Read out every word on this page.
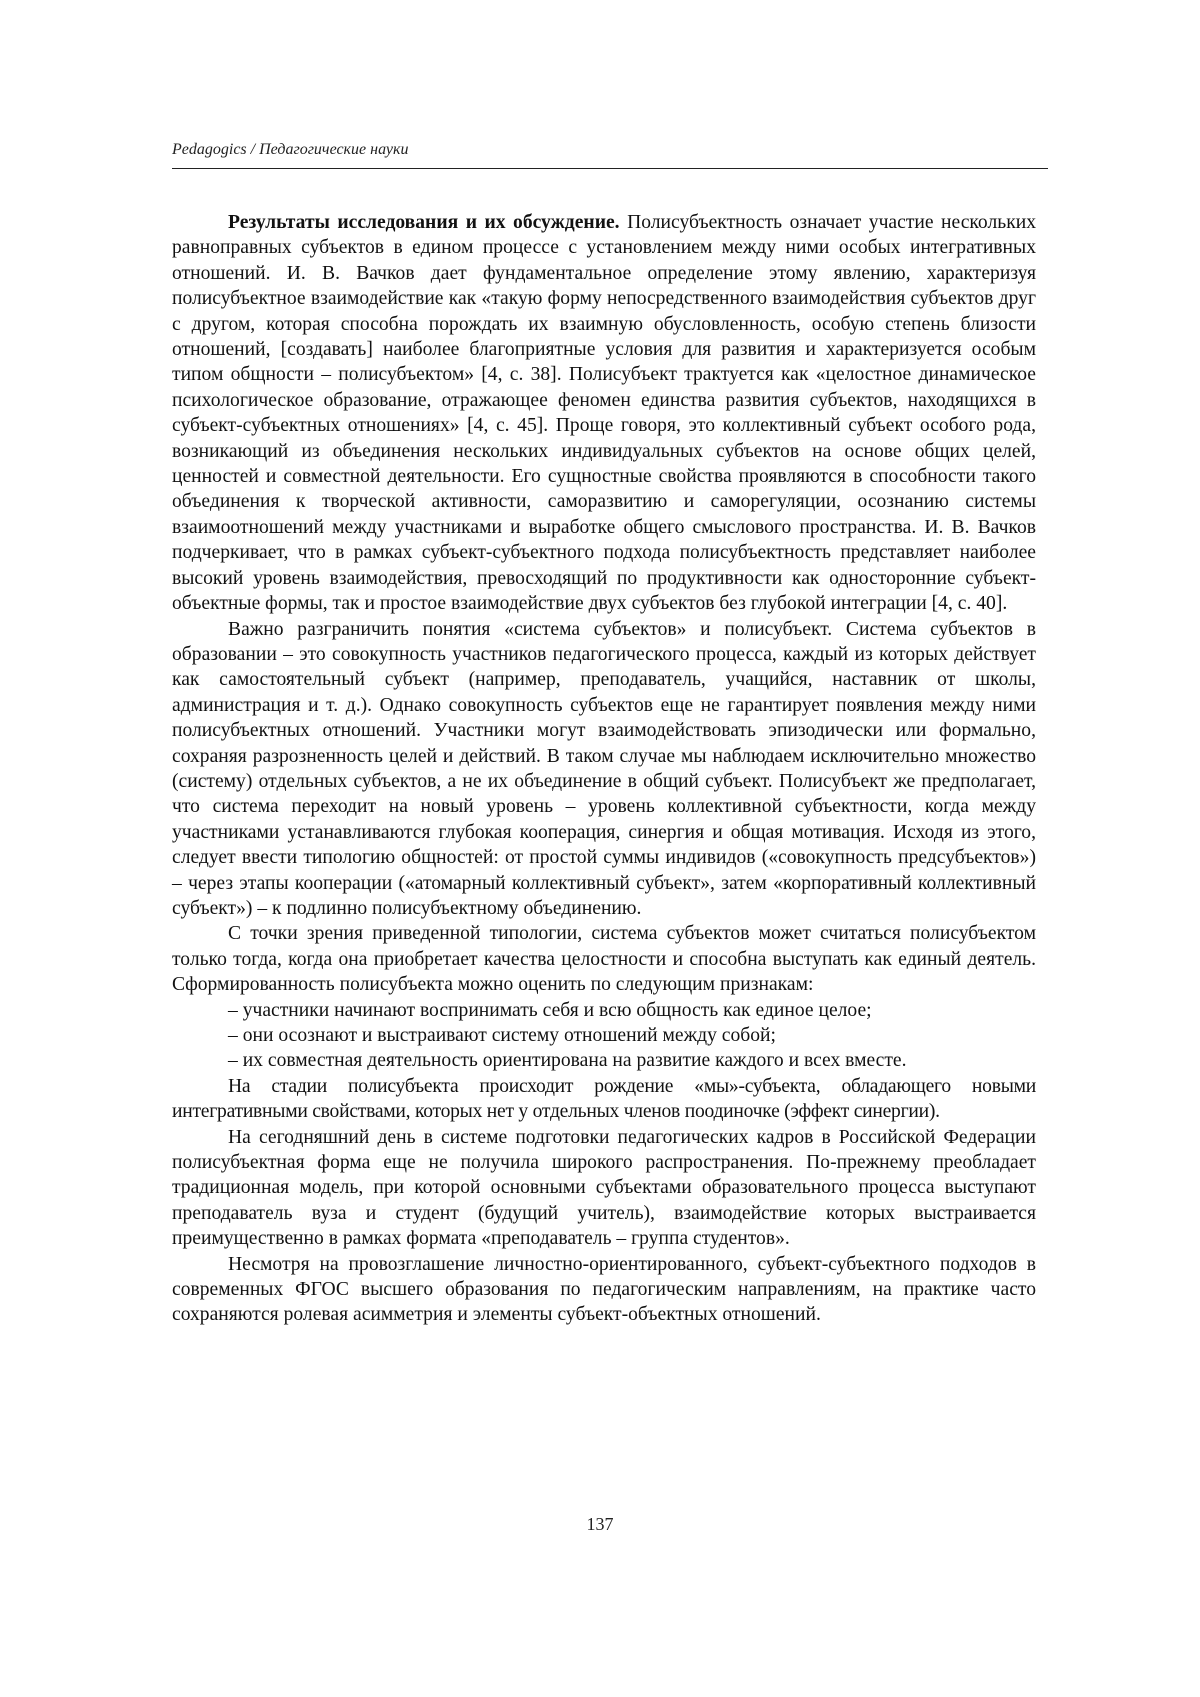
Pedagogics / Педагогические науки

Результаты исследования и их обсуждение. Полисубъектность означает участие нескольких равноправных субъектов в едином процессе с установлением между ними особых интегративных отношений. И. В. Вачков дает фундаментальное определение этому явлению, характеризуя полисубъектное взаимодействие как «такую форму непосредственного взаимодействия субъектов друг с другом, которая способна порождать их взаимную обусловленность, особую степень близости отношений, [создавать] наиболее благоприятные условия для развития и характеризуется особым типом общности – полисубъектом» [4, с. 38]. Полисубъект трактуется как «целостное динамическое психологическое образование, отражающее феномен единства развития субъектов, находящихся в субъект-субъектных отношениях» [4, с. 45]. Проще говоря, это коллективный субъект особого рода, возникающий из объединения нескольких индивидуальных субъектов на основе общих целей, ценностей и совместной деятельности. Его сущностные свойства проявляются в способности такого объединения к творческой активности, саморазвитию и саморегуляции, осознанию системы взаимоотношений между участниками и выработке общего смыслового пространства. И. В. Вачков подчеркивает, что в рамках субъект-субъектного подхода полисубъектность представляет наиболее высокий уровень взаимодействия, превосходящий по продуктивности как односторонние субъект-объектные формы, так и простое взаимодействие двух субъектов без глубокой интеграции [4, с. 40].

Важно разграничить понятия «система субъектов» и полисубъект. Система субъектов в образовании – это совокупность участников педагогического процесса, каждый из которых действует как самостоятельный субъект (например, преподаватель, учащийся, наставник от школы, администрация и т. д.). Однако совокупность субъектов еще не гарантирует появления между ними полисубъектных отношений. Участники могут взаимодействовать эпизодически или формально, сохраняя разрозненность целей и действий. В таком случае мы наблюдаем исключительно множество (систему) отдельных субъектов, а не их объединение в общий субъект. Полисубъект же предполагает, что система переходит на новый уровень – уровень коллективной субъектности, когда между участниками устанавливаются глубокая кооперация, синергия и общая мотивация. Исходя из этого, следует ввести типологию общностей: от простой суммы индивидов («совокупность предсубъектов») – через этапы кооперации («атомарный коллективный субъект», затем «корпоративный коллективный субъект») – к подлинно полисубъектному объединению.

С точки зрения приведенной типологии, система субъектов может считаться полисубъектом только тогда, когда она приобретает качества целостности и способна выступать как единый деятель. Сформированность полисубъекта можно оценить по следующим признакам:

– участники начинают воспринимать себя и всю общность как единое целое;

– они осознают и выстраивают систему отношений между собой;

– их совместная деятельность ориентирована на развитие каждого и всех вместе.

На стадии полисубъекта происходит рождение «мы»-субъекта, обладающего новыми интегративными свойствами, которых нет у отдельных членов поодиночке (эффект синергии).

На сегодняшний день в системе подготовки педагогических кадров в Российской Федерации полисубъектная форма еще не получила широкого распространения. По-прежнему преобладает традиционная модель, при которой основными субъектами образовательного процесса выступают преподаватель вуза и студент (будущий учитель), взаимодействие которых выстраивается преимущественно в рамках формата «преподаватель – группа студентов».

Несмотря на провозглашение личностно-ориентированного, субъект-субъектного подходов в современных ФГОС высшего образования по педагогическим направлениям, на практике часто сохраняются ролевая асимметрия и элементы субъект-объектных отношений.

137
